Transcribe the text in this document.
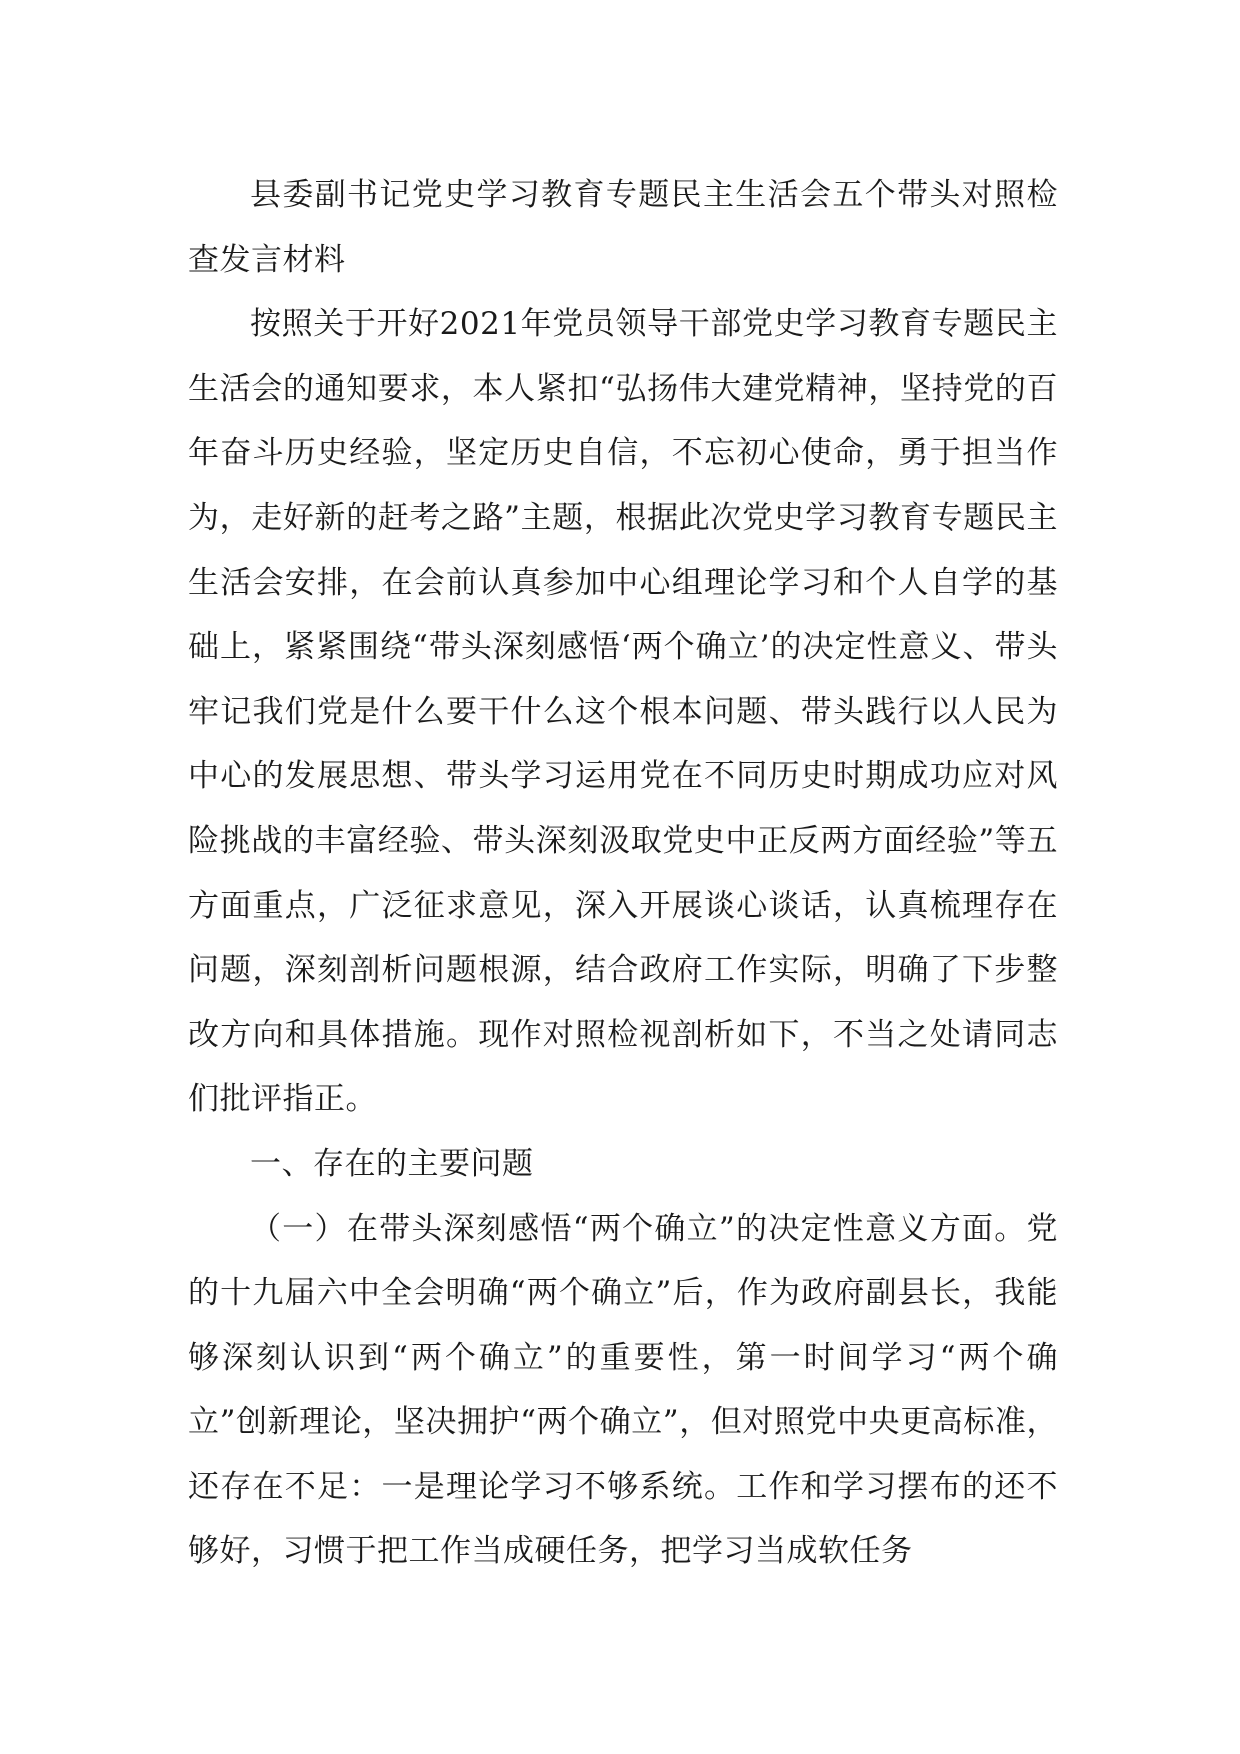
县委副书记党史学习教育专题民主生活会五个带头对照检查发言材料

按照关于开好2021年党员领导干部党史学习教育专题民主生活会的通知要求，本人紧扣“弘扬伟大建党精神，坚持党的百年奋斗历史经验，坚定历史自信，不忘初心使命，勇于担当作为，走好新的赶考之路”主题，根据此次党史学习教育专题民主生活会安排，在会前认真参加中心组理论学习和个人自学的基础上，紧紧围绕“带头深刻感悟‘两个确立’的决定性意义、带头牢记我们党是什么要干什么这个根本问题、带头践行以人民为中心的发展思想、带头学习运用党在不同历史时期成功应对风险挑战的丰富经验、带头深刻汲取党史中正反两方面经验”等五方面重点，广泛征求意见，深入开展谈心谈话，认真梳理存在问题，深刻剖析问题根源，结合政府工作实际，明确了下步整改方向和具体措施。现作对照检视剖析如下，不当之处请同志们批评指正。

一、存在的主要问题

（一）在带头深刻感悟“两个确立”的决定性意义方面。党的十九届六中全会明确“两个确立”后，作为政府副县长，我能够深刻认识到“两个确立”的重要性，第一时间学习“两个确立”创新理论，坚决拥护“两个确立”，但对照党中央更高标准，还存在不足：一是理论学习不够系统。工作和学习摆布的还不够好，习惯于把工作当成硬任务，把学习当成软任务
